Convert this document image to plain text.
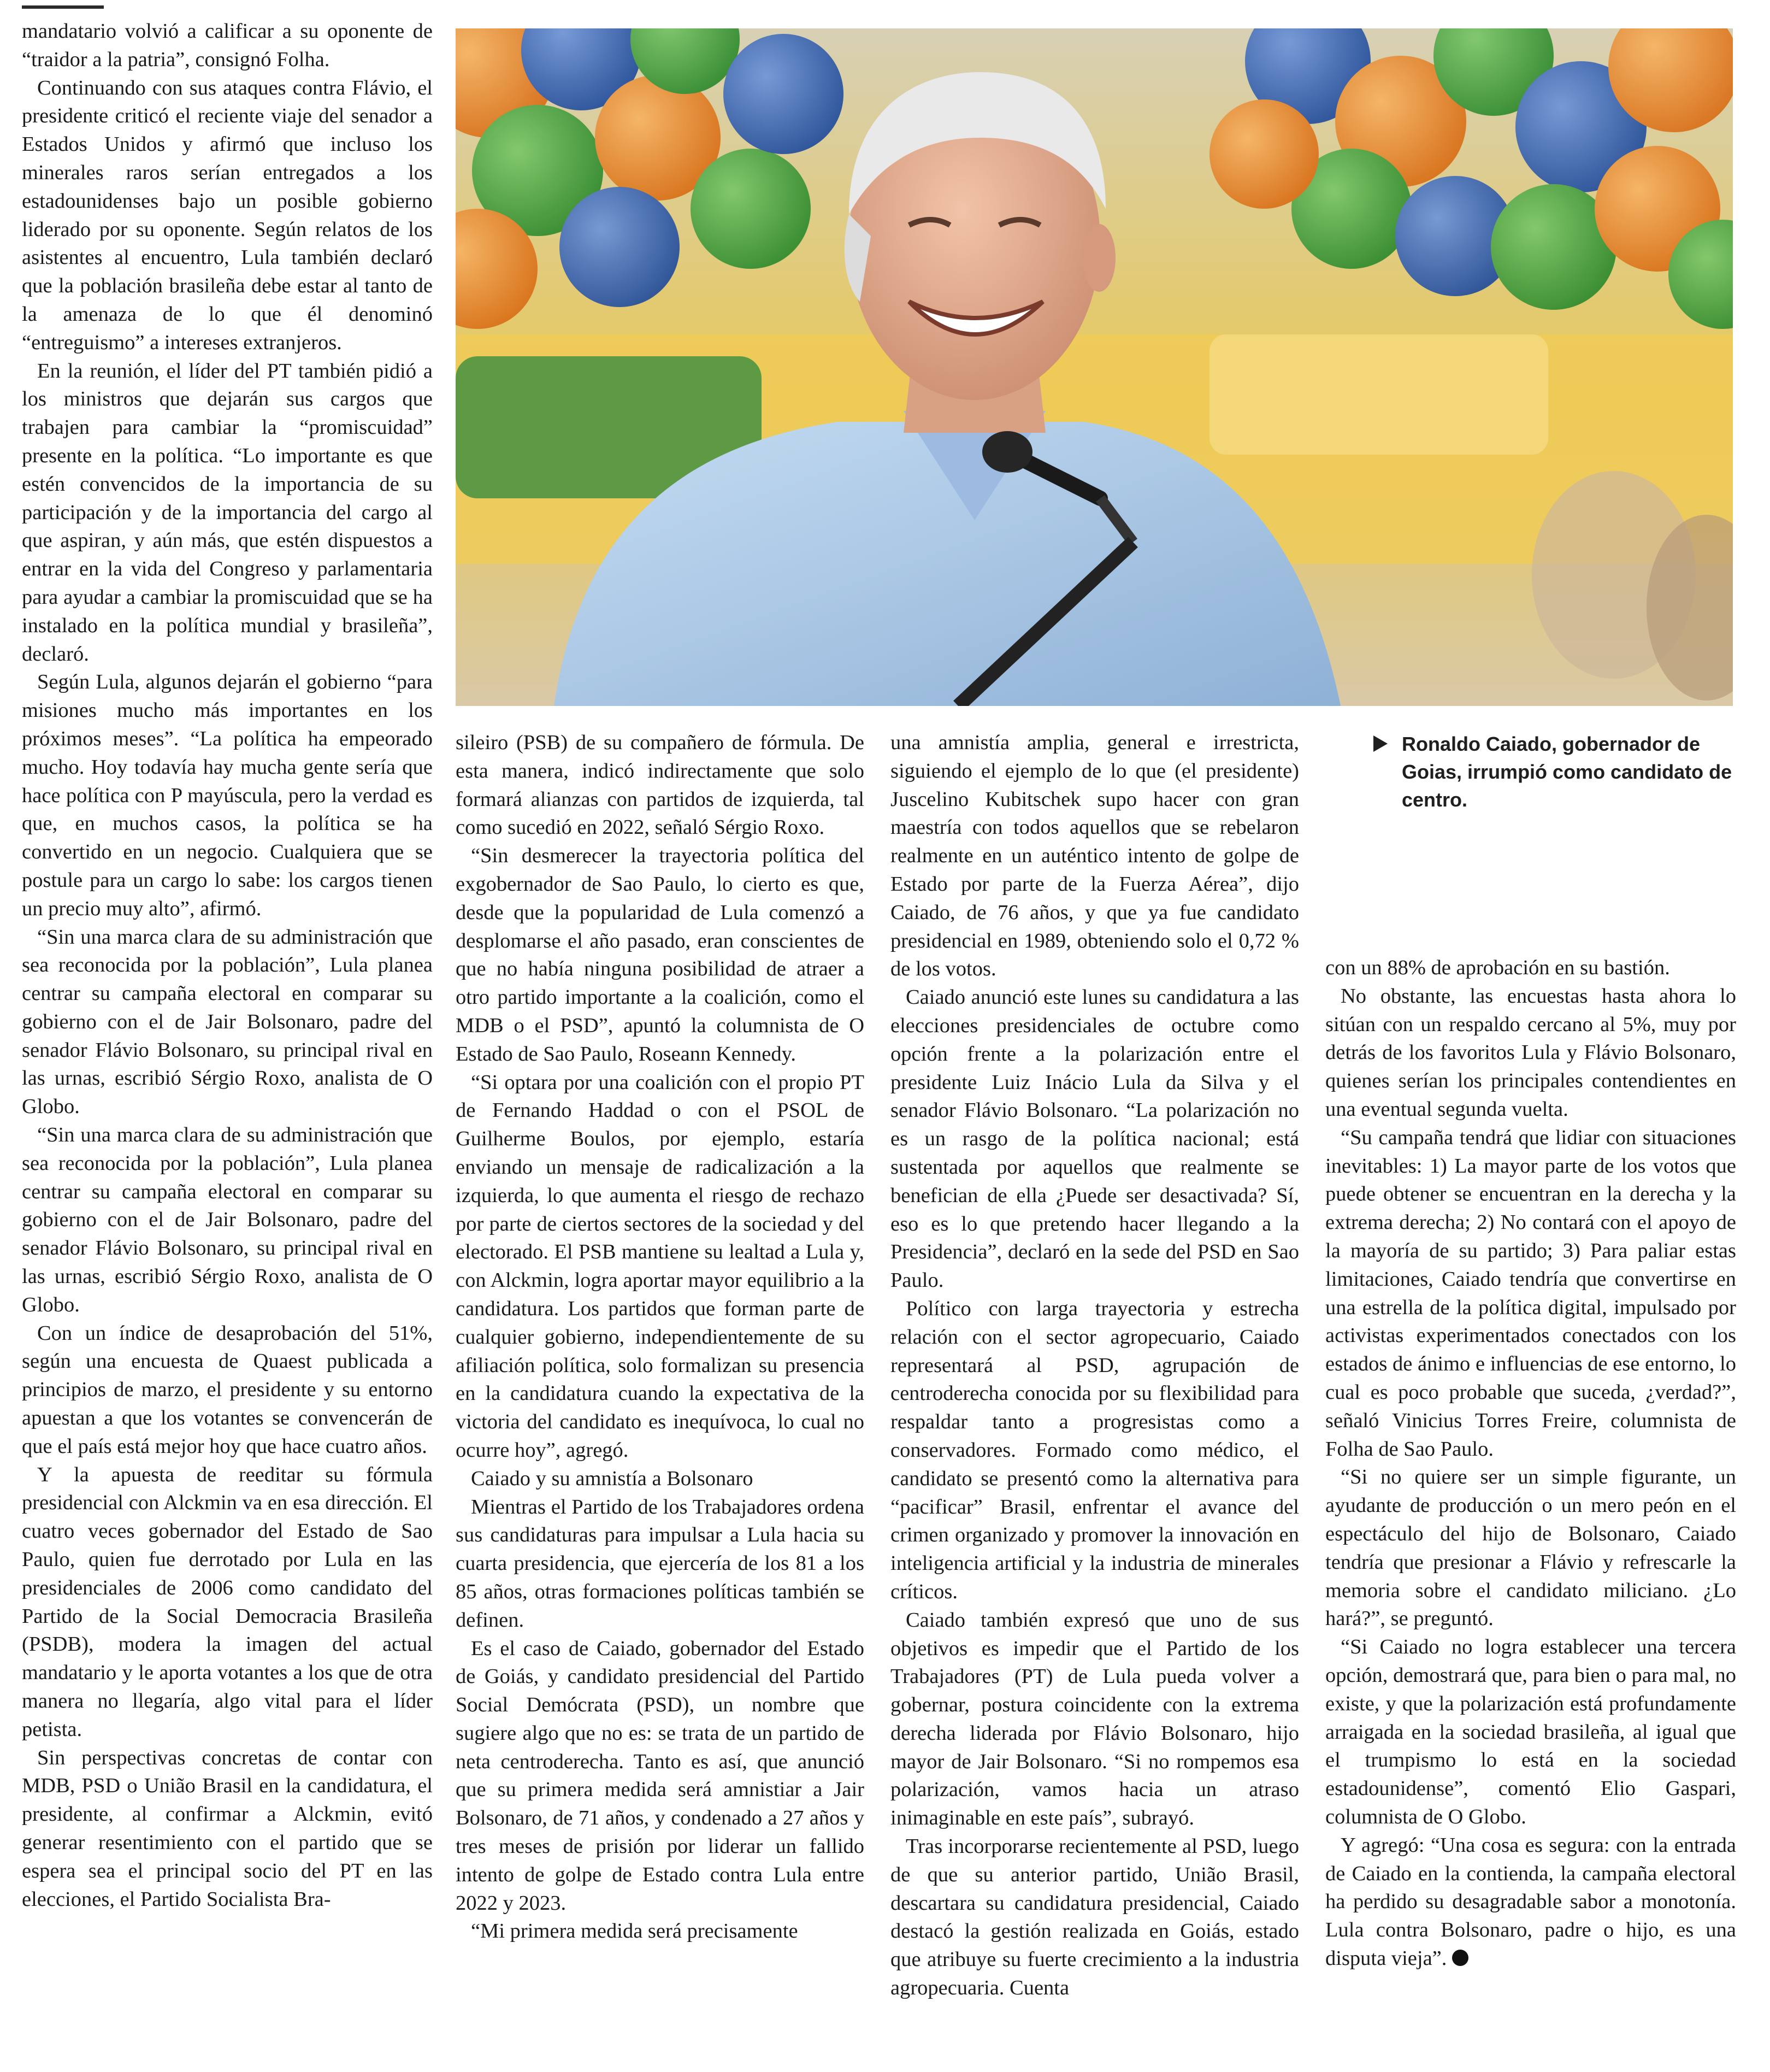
mandatario volvió a calificar a su oponente de “traidor a la patria”, consignó Folha.

Continuando con sus ataques contra Flávio, el presidente criticó el reciente viaje del senador a Estados Unidos y afirmó que incluso los minerales raros serían entregados a los estadounidenses bajo un posible gobierno liderado por su oponente. Según relatos de los asistentes al encuentro, Lula también declaró que la población brasileña debe estar al tanto de la amenaza de lo que él denominó “entreguismo” a intereses extranjeros.

En la reunión, el líder del PT también pidió a los ministros que dejarán sus cargos que trabajen para cambiar la “promiscuidad” presente en la política. “Lo importante es que estén convencidos de la importancia de su participación y de la importancia del cargo al que aspiran, y aún más, que estén dispuestos a entrar en la vida del Congreso y parlamentaria para ayudar a cambiar la promiscuidad que se ha instalado en la política mundial y brasileña”, declaró.

Según Lula, algunos dejarán el gobierno “para misiones mucho más importantes en los próximos meses”. “La política ha empeorado mucho. Hoy todavía hay mucha gente sería que hace política con P mayúscula, pero la verdad es que, en muchos casos, la política se ha convertido en un negocio. Cualquiera que se postule para un cargo lo sabe: los cargos tienen un precio muy alto”, afirmó.

“Sin una marca clara de su administración que sea reconocida por la población”, Lula planea centrar su campaña electoral en comparar su gobierno con el de Jair Bolsonaro, padre del senador Flávio Bolsonaro, su principal rival en las urnas, escribió Sérgio Roxo, analista de O Globo.

“Sin una marca clara de su administración que sea reconocida por la población”, Lula planea centrar su campaña electoral en comparar su gobierno con el de Jair Bolsonaro, padre del senador Flávio Bolsonaro, su principal rival en las urnas, escribió Sérgio Roxo, analista de O Globo.

Con un índice de desaprobación del 51%, según una encuesta de Quaest publicada a principios de marzo, el presidente y su entorno apuestan a que los votantes se convencerán de que el país está mejor hoy que hace cuatro años.

Y la apuesta de reeditar su fórmula presidencial con Alckmin va en esa dirección. El cuatro veces gobernador del Estado de Sao Paulo, quien fue derrotado por Lula en las presidenciales de 2006 como candidato del Partido de la Social Democracia Brasileña (PSDB), modera la imagen del actual mandatario y le aporta votantes a los que de otra manera no llegaría, algo vital para el líder petista.

Sin perspectivas concretas de contar con MDB, PSD o União Brasil en la candidatura, el presidente, al confirmar a Alckmin, evitó generar resentimiento con el partido que se espera sea el principal socio del PT en las elecciones, el Partido Socialista Bra-

Ronaldo Caiado, gobernador de Goias, irrumpió como candidato de centro.

sileiro (PSB) de su compañero de fórmula. De esta manera, indicó indirectamente que solo formará alianzas con partidos de izquierda, tal como sucedió en 2022, señaló Sérgio Roxo.

“Sin desmerecer la trayectoria política del exgobernador de Sao Paulo, lo cierto es que, desde que la popularidad de Lula comenzó a desplomarse el año pasado, eran conscientes de que no había ninguna posibilidad de atraer a otro partido importante a la coalición, como el MDB o el PSD”, apuntó la columnista de O Estado de Sao Paulo, Roseann Kennedy.

“Si optara por una coalición con el propio PT de Fernando Haddad o con el PSOL de Guilherme Boulos, por ejemplo, estaría enviando un mensaje de radicalización a la izquierda, lo que aumenta el riesgo de rechazo por parte de ciertos sectores de la sociedad y del electorado. El PSB mantiene su lealtad a Lula y, con Alckmin, logra aportar mayor equilibrio a la candidatura. Los partidos que forman parte de cualquier gobierno, independientemente de su afiliación política, solo formalizan su presencia en la candidatura cuando la expectativa de la victoria del candidato es inequívoca, lo cual no ocurre hoy”, agregó.

Caiado y su amnistía a Bolsonaro

Mientras el Partido de los Trabajadores ordena sus candidaturas para impulsar a Lula hacia su cuarta presidencia, que ejercería de los 81 a los 85 años, otras formaciones políticas también se definen.

Es el caso de Caiado, gobernador del Estado de Goiás, y candidato presidencial del Partido Social Demócrata (PSD), un nombre que sugiere algo que no es: se trata de un partido de neta centroderecha. Tanto es así, que anunció que su primera medida será amnistiar a Jair Bolsonaro, de 71 años, y condenado a 27 años y tres meses de prisión por liderar un fallido intento de golpe de Estado contra Lula entre 2022 y 2023.

“Mi primera medida será precisamente

una amnistía amplia, general e irrestricta, siguiendo el ejemplo de lo que (el presidente) Juscelino Kubitschek supo hacer con gran maestría con todos aquellos que se rebelaron realmente en un auténtico intento de golpe de Estado por parte de la Fuerza Aérea”, dijo Caiado, de 76 años, y que ya fue candidato presidencial en 1989, obteniendo solo el 0,72 % de los votos.

Caiado anunció este lunes su candidatura a las elecciones presidenciales de octubre como opción frente a la polarización entre el presidente Luiz Inácio Lula da Silva y el senador Flávio Bolsonaro. “La polarización no es un rasgo de la política nacional; está sustentada por aquellos que realmente se benefician de ella ¿Puede ser desactivada? Sí, eso es lo que pretendo hacer llegando a la Presidencia”, declaró en la sede del PSD en Sao Paulo.

Político con larga trayectoria y estrecha relación con el sector agropecuario, Caiado representará al PSD, agrupación de centroderecha conocida por su flexibilidad para respaldar tanto a progresistas como a conservadores. Formado como médico, el candidato se presentó como la alternativa para “pacificar” Brasil, enfrentar el avance del crimen organizado y promover la innovación en inteligencia artificial y la industria de minerales críticos.

Caiado también expresó que uno de sus objetivos es impedir que el Partido de los Trabajadores (PT) de Lula pueda volver a gobernar, postura coincidente con la extrema derecha liderada por Flávio Bolsonaro, hijo mayor de Jair Bolsonaro. “Si no rompemos esa polarización, vamos hacia un atraso inimaginable en este país”, subrayó.

Tras incorporarse recientemente al PSD, luego de que su anterior partido, União Brasil, descartara su candidatura presidencial, Caiado destacó la gestión realizada en Goiás, estado que atribuye su fuerte crecimiento a la industria agropecuaria. Cuenta

con un 88% de aprobación en su bastión.

No obstante, las encuestas hasta ahora lo sitúan con un respaldo cercano al 5%, muy por detrás de los favoritos Lula y Flávio Bolsonaro, quienes serían los principales contendientes en una eventual segunda vuelta.

“Su campaña tendrá que lidiar con situaciones inevitables: 1) La mayor parte de los votos que puede obtener se encuentran en la derecha y la extrema derecha; 2) No contará con el apoyo de la mayoría de su partido; 3) Para paliar estas limitaciones, Caiado tendría que convertirse en una estrella de la política digital, impulsado por activistas experimentados conectados con los estados de ánimo e influencias de ese entorno, lo cual es poco probable que suceda, ¿verdad?”, señaló Vinicius Torres Freire, columnista de Folha de Sao Paulo.

“Si no quiere ser un simple figurante, un ayudante de producción o un mero peón en el espectáculo del hijo de Bolsonaro, Caiado tendría que presionar a Flávio y refrescarle la memoria sobre el candidato miliciano. ¿Lo hará?”, se preguntó.

“Si Caiado no logra establecer una tercera opción, demostrará que, para bien o para mal, no existe, y que la polarización está profundamente arraigada en la sociedad brasileña, al igual que el trumpismo lo está en la sociedad estadounidense”, comentó Elio Gaspari, columnista de O Globo.

Y agregó: “Una cosa es segura: con la entrada de Caiado en la contienda, la campaña electoral ha perdido su desagradable sabor a monotonía. Lula contra Bolsonaro, padre o hijo, es una disputa vieja”.
